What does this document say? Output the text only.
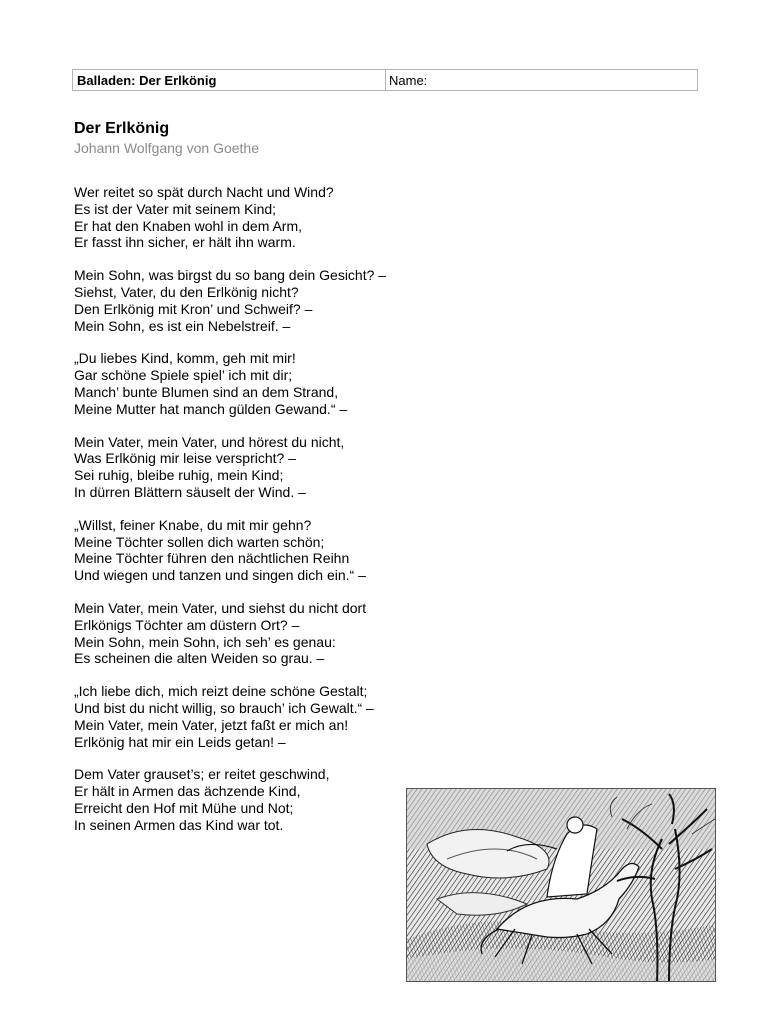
Balladen: Der Erlkönig	Name:
Der Erlkönig
Johann Wolfgang von Goethe

Wer reitet so spät durch Nacht und Wind?
Es ist der Vater mit seinem Kind;
Er hat den Knaben wohl in dem Arm,
Er fasst ihn sicher, er hält ihn warm.

Mein Sohn, was birgst du so bang dein Gesicht? –
Siehst, Vater, du den Erlkönig nicht?
Den Erlkönig mit Kron’ und Schweif? –
Mein Sohn, es ist ein Nebelstreif. –

„Du liebes Kind, komm, geh mit mir!
Gar schöne Spiele spiel’ ich mit dir;
Manch’ bunte Blumen sind an dem Strand,
Meine Mutter hat manch gülden Gewand.“ –

Mein Vater, mein Vater, und hörest du nicht,
Was Erlkönig mir leise verspricht? –
Sei ruhig, bleibe ruhig, mein Kind;
In dürren Blättern säuselt der Wind. –

„Willst, feiner Knabe, du mit mir gehn?
Meine Töchter sollen dich warten schön;
Meine Töchter führen den nächtlichen Reihn
Und wiegen und tanzen und singen dich ein.“ –

Mein Vater, mein Vater, und siehst du nicht dort
Erlkönigs Töchter am düstern Ort? –
Mein Sohn, mein Sohn, ich seh’ es genau:
Es scheinen die alten Weiden so grau. –

„Ich liebe dich, mich reizt deine schöne Gestalt;
Und bist du nicht willig, so brauch’ ich Gewalt.“ –
Mein Vater, mein Vater, jetzt faßt er mich an!
Erlkönig hat mir ein Leids getan! –

Dem Vater grauset’s; er reitet geschwind,
Er hält in Armen das ächzende Kind,
Erreicht den Hof mit Mühe und Not;
In seinen Armen das Kind war tot.
